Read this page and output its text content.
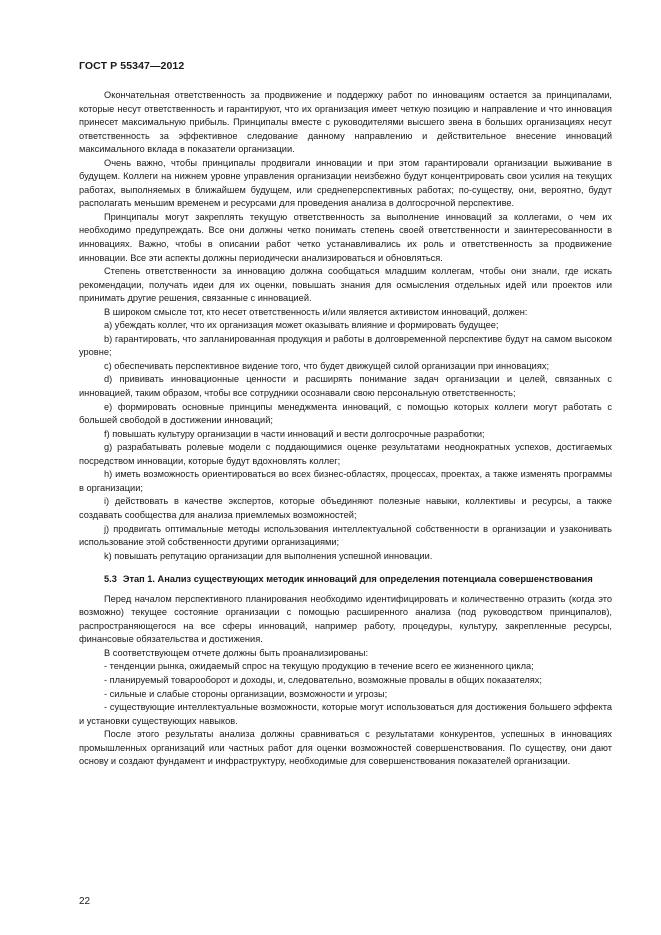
ГОСТ Р 55347—2012

Окончательная ответственность за продвижение и поддержку работ по инновациям остается за принципалами, которые несут ответственность и гарантируют, что их организация имеет четкую позицию и направление и что инновация принесет максимальную прибыль. Принципалы вместе с руководителями высшего звена в больших организациях несут ответственность за эффективное следование данному направлению и действительное внесение инноваций максимального вклада в показатели организации.

Очень важно, чтобы принципалы продвигали инновации и при этом гарантировали организации выживание в будущем. Коллеги на нижнем уровне управления организации неизбежно будут концентрировать свои усилия на текущих работах, выполняемых в ближайшем будущем, или среднеперспективных работах; по-существу, они, вероятно, будут располагать меньшим временем и ресурсами для проведения анализа в долгосрочной перспективе.

Принципалы могут закреплять текущую ответственность за выполнение инноваций за коллегами, о чем их необходимо предупреждать. Все они должны четко понимать степень своей ответственности и заинтересованности в инновациях. Важно, чтобы в описании работ четко устанавливались их роль и ответственность за продвижение инновации. Все эти аспекты должны периодически анализироваться и обновляться.

Степень ответственности за инновацию должна сообщаться младшим коллегам, чтобы они знали, где искать рекомендации, получать идеи для их оценки, повышать знания для осмысления отдельных идей или проектов или принимать другие решения, связанные с инновацией.

В широком смысле тот, кто несет ответственность и/или является активистом инноваций, должен:

a) убеждать коллег, что их организация может оказывать влияние и формировать будущее;

b) гарантировать, что запланированная продукция и работы в долговременной перспективе будут на самом высоком уровне;

c) обеспечивать перспективное видение того, что будет движущей силой организации при инновациях;

d) прививать инновационные ценности и расширять понимание задач организации и целей, связанных с инновацией, таким образом, чтобы все сотрудники осознавали свою персональную ответственность;

e) формировать основные принципы менеджмента инноваций, с помощью которых коллеги могут работать с большей свободой в достижении инноваций;

f) повышать культуру организации в части инноваций и вести долгосрочные разработки;

g) разрабатывать ролевые модели с поддающимися оценке результатами неоднократных успехов, достигаемых посредством инновации, которые будут вдохновлять коллег;

h) иметь возможность ориентироваться во всех бизнес-областях, процессах, проектах, а также изменять программы в организации;

i) действовать в качестве экспертов, которые объединяют полезные навыки, коллективы и ресурсы, а также создавать сообщества для анализа приемлемых возможностей;

j) продвигать оптимальные методы использования интеллектуальной собственности в организации и узаконивать использование этой собственности другими организациями;

k) повышать репутацию организации для выполнения успешной инновации.

5.3 Этап 1. Анализ существующих методик инноваций для определения потенциала совершенствования

Перед началом перспективного планирования необходимо идентифицировать и количественно отразить (когда это возможно) текущее состояние организации с помощью расширенного анализа (под руководством принципалов), распространяющегося на все сферы инноваций, например работу, процедуры, культуру, закрепленные ресурсы, финансовые обязательства и достижения.

В соответствующем отчете должны быть проанализированы:

- тенденции рынка, ожидаемый спрос на текущую продукцию в течение всего ее жизненного цикла;

- планируемый товарооборот и доходы, и, следовательно, возможные провалы в общих показателях;

- сильные и слабые стороны организации, возможности и угрозы;

- существующие интеллектуальные возможности, которые могут использоваться для достижения большего эффекта и установки существующих навыков.

После этого результаты анализа должны сравниваться с результатами конкурентов, успешных в инновациях промышленных организаций или частных работ для оценки возможностей совершенствования. По существу, они дают основу и создают фундамент и инфраструктуру, необходимые для совершенствования показателей организации.

22
